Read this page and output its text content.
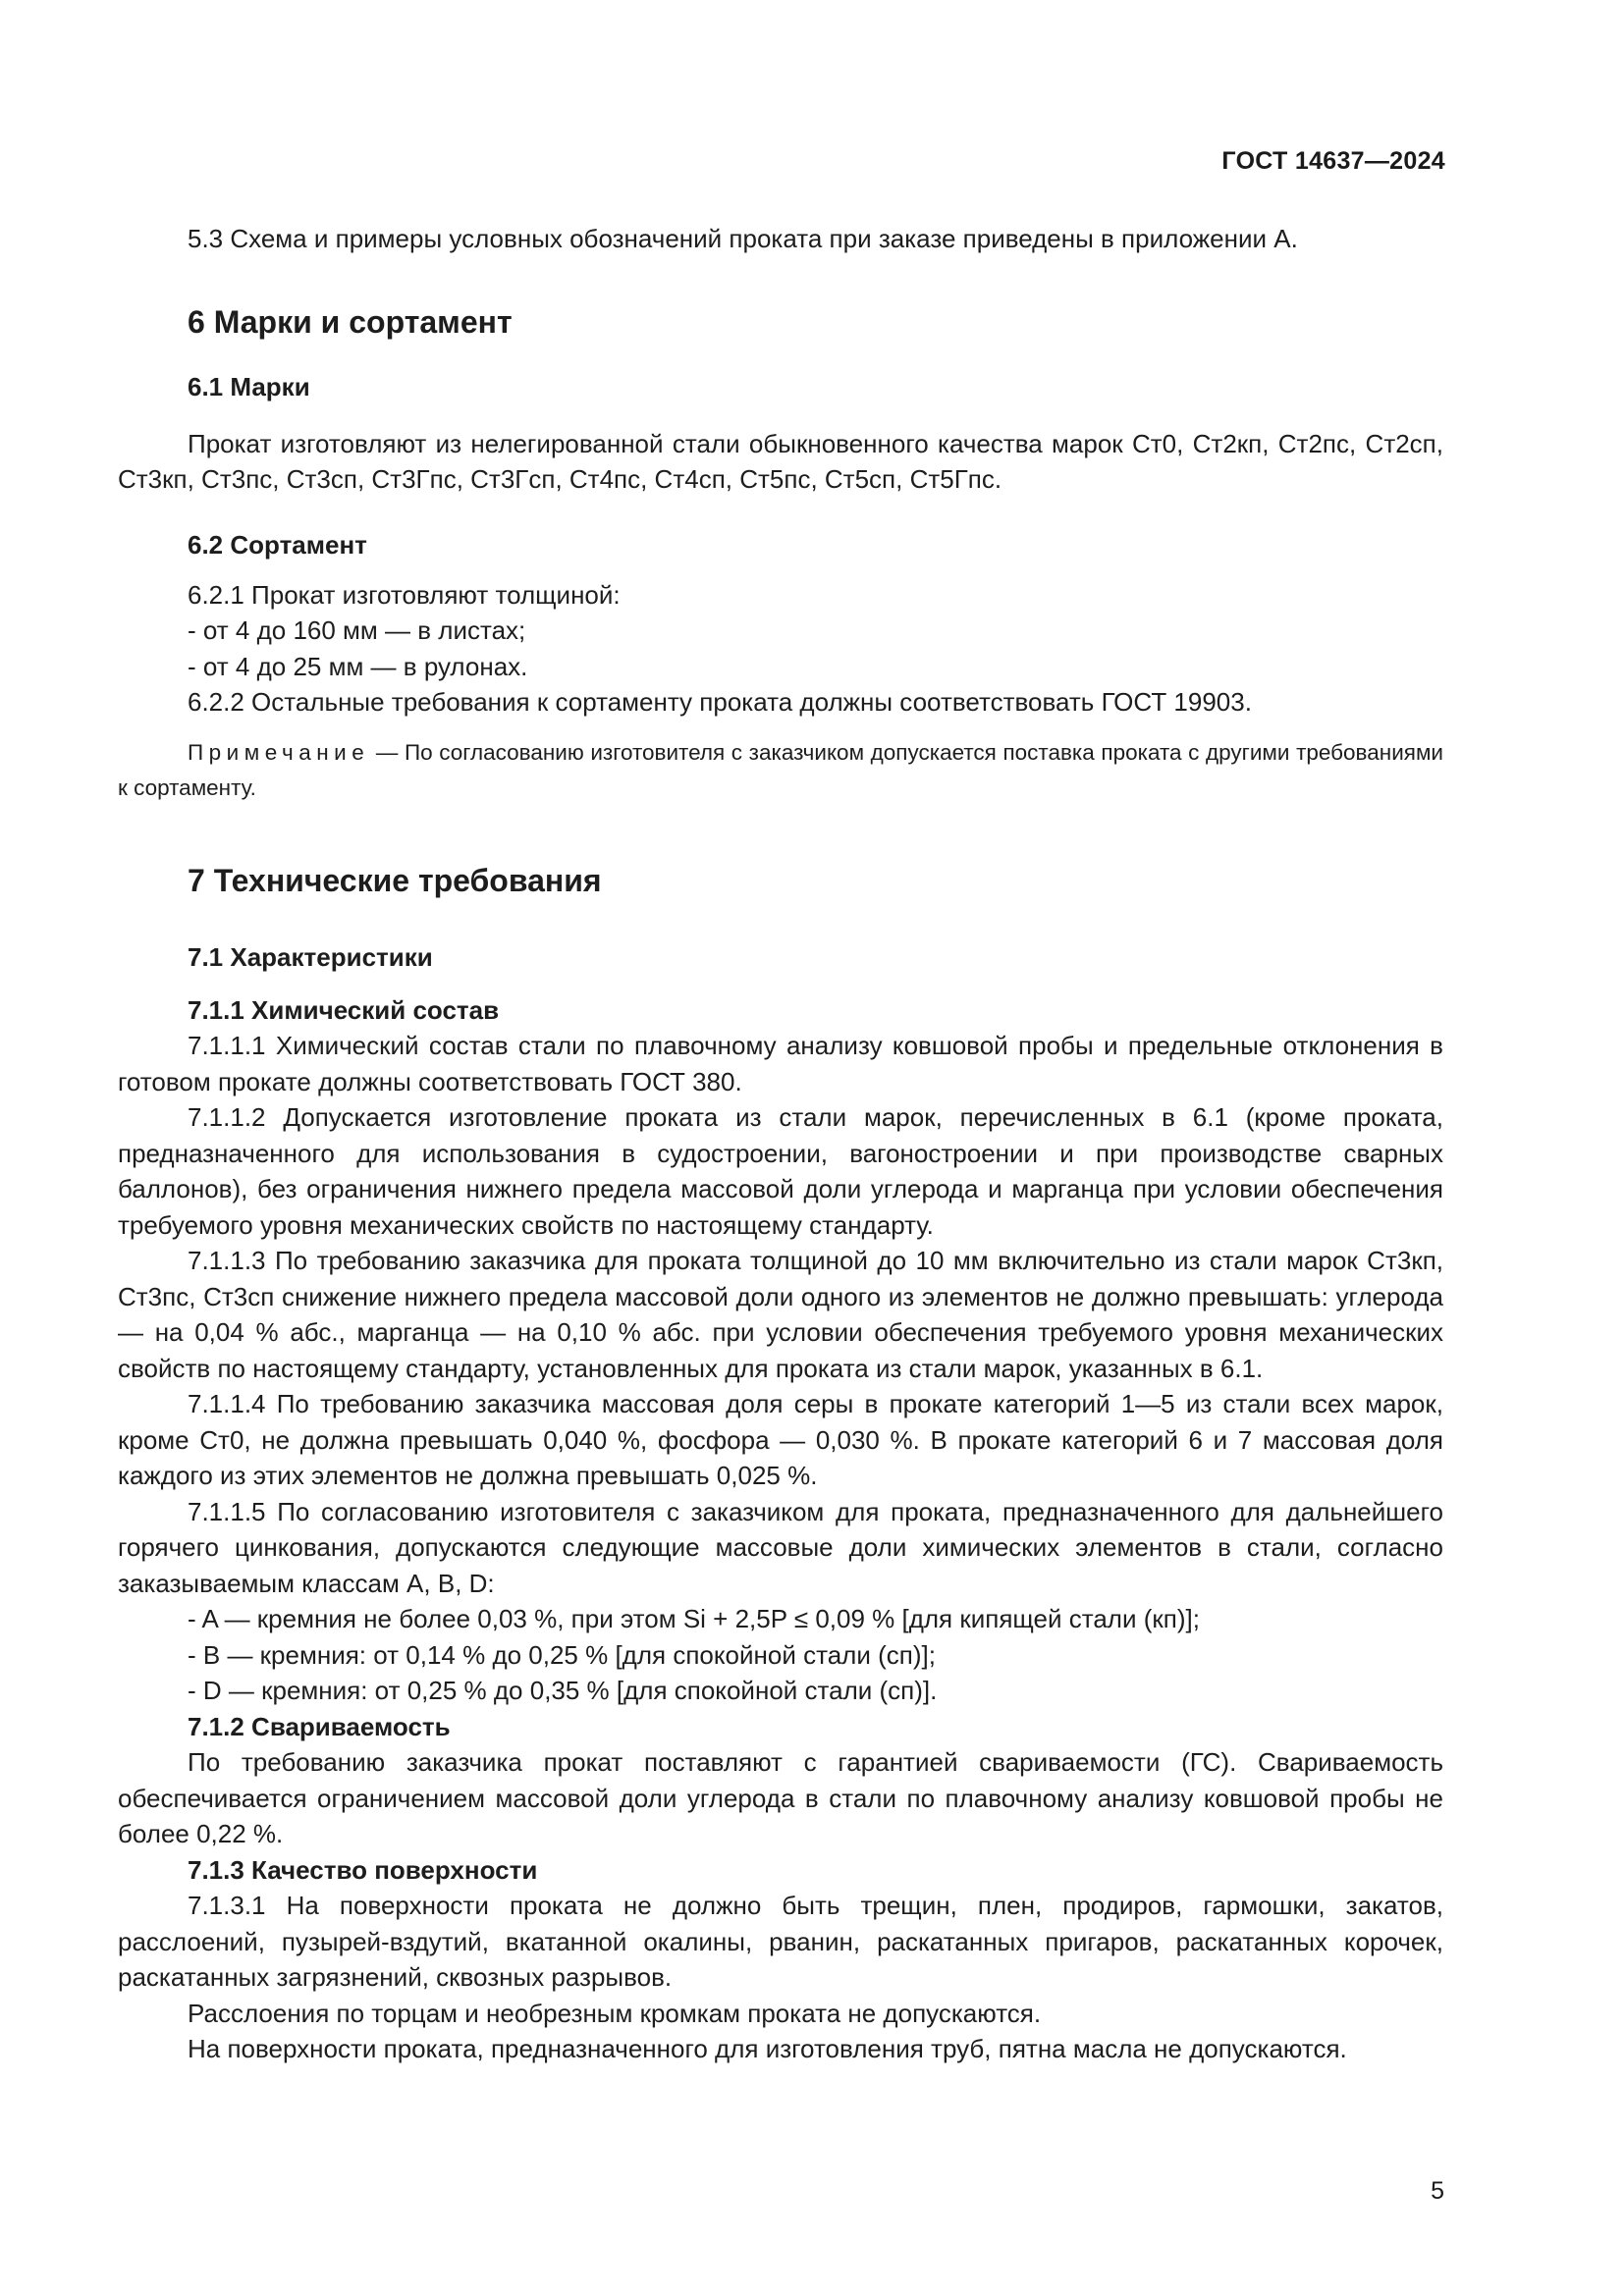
ГОСТ 14637—2024

5.3 Схема и примеры условных обозначений проката при заказе приведены в приложении А.

6 Марки и сортамент
6.1 Марки

Прокат изготовляют из нелегированной стали обыкновенного качества марок Ст0, Ст2кп, Ст2пс, Ст2сп, Ст3кп, Ст3пс, Ст3сп, Ст3Гпс, Ст3Гсп, Ст4пс, Ст4сп, Ст5пс, Ст5сп, Ст5Гпс.

6.2 Сортамент

6.2.1 Прокат изготовляют толщиной:

- от 4 до 160 мм — в листах;

- от 4 до 25 мм — в рулонах.

6.2.2 Остальные требования к сортаменту проката должны соответствовать ГОСТ 19903.

Примечание — По согласованию изготовителя с заказчиком допускается поставка проката с другими требованиями к сортаменту.

7 Технические требования
7.1 Характеристики
7.1.1 Химический состав

7.1.1.1 Химический состав стали по плавочному анализу ковшовой пробы и предельные отклонения в готовом прокате должны соответствовать ГОСТ 380.

7.1.1.2 Допускается изготовление проката из стали марок, перечисленных в 6.1 (кроме проката, предназначенного для использования в судостроении, вагоностроении и при производстве сварных баллонов), без ограничения нижнего предела массовой доли углерода и марганца при условии обеспечения требуемого уровня механических свойств по настоящему стандарту.

7.1.1.3 По требованию заказчика для проката толщиной до 10 мм включительно из стали марок Ст3кп, Ст3пс, Ст3сп снижение нижнего предела массовой доли одного из элементов не должно превышать: углерода — на 0,04 % абс., марганца — на 0,10 % абс. при условии обеспечения требуемого уровня механических свойств по настоящему стандарту, установленных для проката из стали марок, указанных в 6.1.

7.1.1.4 По требованию заказчика массовая доля серы в прокате категорий 1—5 из стали всех марок, кроме Ст0, не должна превышать 0,040 %, фосфора — 0,030 %. В прокате категорий 6 и 7 массовая доля каждого из этих элементов не должна превышать 0,025 %.

7.1.1.5 По согласованию изготовителя с заказчиком для проката, предназначенного для дальнейшего горячего цинкования, допускаются следующие массовые доли химических элементов в стали, согласно заказываемым классам A, B, D:

- A — кремния не более 0,03 %, при этом Si + 2,5P ≤ 0,09 % [для кипящей стали (кп)];

- B — кремния: от 0,14 % до 0,25 % [для спокойной стали (сп)];

- D — кремния: от 0,25 % до 0,35 % [для спокойной стали (сп)].

7.1.2 Свариваемость

По требованию заказчика прокат поставляют с гарантией свариваемости (ГС). Свариваемость обеспечивается ограничением массовой доли углерода в стали по плавочному анализу ковшовой пробы не более 0,22 %.

7.1.3 Качество поверхности

7.1.3.1 На поверхности проката не должно быть трещин, плен, продиров, гармошки, закатов, расслоений, пузырей-вздутий, вкатанной окалины, рванин, раскатанных пригаров, раскатанных корочек, раскатанных загрязнений, сквозных разрывов.

Расслоения по торцам и необрезным кромкам проката не допускаются.

На поверхности проката, предназначенного для изготовления труб, пятна масла не допускаются.

5
